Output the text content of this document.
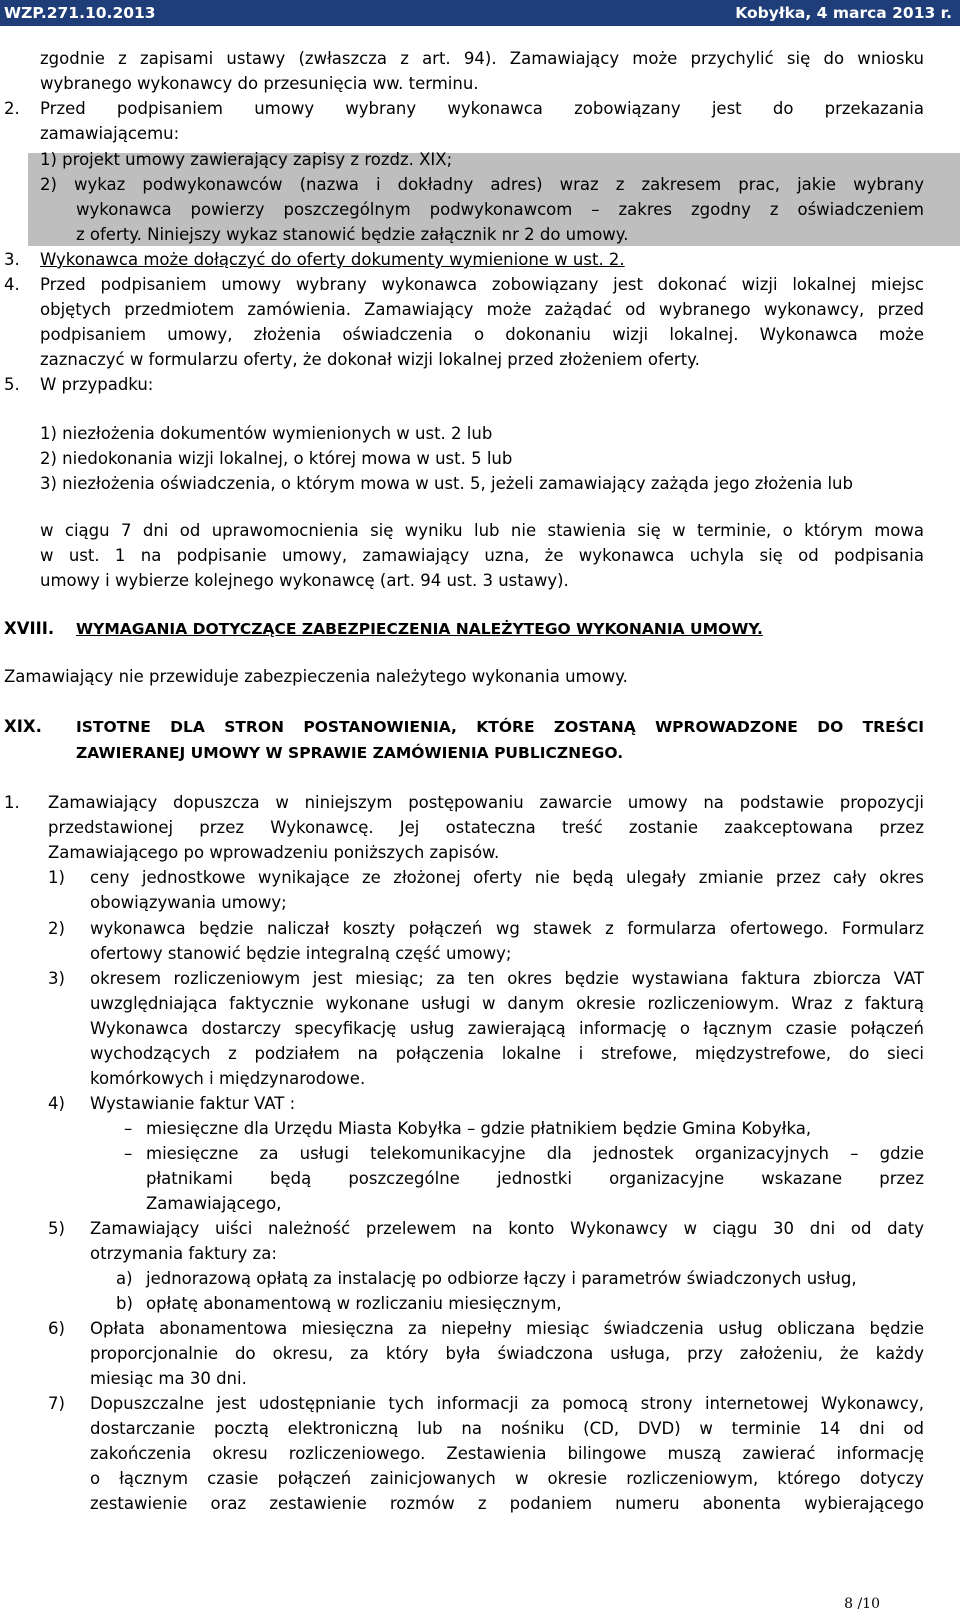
WZP.271.10.2013	Kobyłka, 4 marca 2013 r.
zgodnie z zapisami ustawy (zwłaszcza z art. 94). Zamawiający może przychylić się do wniosku
wybranego wykonawcy do przesunięcia ww. terminu.
2. Przed podpisaniem umowy wybrany wykonawca zobowiązany jest do przekazania
zamawiającemu:
1) projekt umowy zawierający zapisy z rozdz. XIX;
2) wykaz podwykonawców (nazwa i dokładny adres) wraz z zakresem prac, jakie wybrany
wykonawca powierzy poszczególnym podwykonawcom – zakres zgodny z oświadczeniem
z oferty. Niniejszy wykaz stanowić będzie załącznik nr 2 do umowy.
3. Wykonawca może dołączyć do oferty dokumenty wymienione w ust. 2.
4. Przed podpisaniem umowy wybrany wykonawca zobowiązany jest dokonać wizji lokalnej miejsc
objętych przedmiotem zamówienia. Zamawiający może zażądać od wybranego wykonawcy, przed
podpisaniem umowy, złożenia oświadczenia o dokonaniu wizji lokalnej. Wykonawca może
zaznaczyć w formularzu oferty, że dokonał wizji lokalnej przed złożeniem oferty.
5. W przypadku:
1) niezłożenia dokumentów wymienionych w ust. 2 lub
2) niedokonania wizji lokalnej, o której mowa w ust. 5 lub
3) niezłożenia oświadczenia, o którym mowa w ust. 5, jeżeli zamawiający zażąda jego złożenia lub
w ciągu 7 dni od uprawomocnienia się wyniku lub nie stawienia się w terminie, o którym mowa
w ust. 1 na podpisanie umowy, zamawiający uzna, że wykonawca uchyla się od podpisania
umowy i wybierze kolejnego wykonawcę (art. 94 ust. 3 ustawy).
XVIII. WYMAGANIA DOTYCZĄCE ZABEZPIECZENIA NALEŻYTEGO WYKONANIA UMOWY.
Zamawiający nie przewiduje zabezpieczenia należytego wykonania umowy.
XIX. ISTOTNE DLA STRON POSTANOWIENIA, KTÓRE ZOSTANĄ WPROWADZONE DO TREŚCI
ZAWIERANEJ UMOWY W SPRAWIE ZAMÓWIENIA PUBLICZNEGO.
1. Zamawiający dopuszcza w niniejszym postępowaniu zawarcie umowy na podstawie propozycji
przedstawionej przez Wykonawcę. Jej ostateczna treść zostanie zaakceptowana przez
Zamawiającego po wprowadzeniu poniższych zapisów.
1) ceny jednostkowe wynikające ze złożonej oferty nie będą ulegały zmianie przez cały okres
obowiązywania umowy;
2) wykonawca będzie naliczał koszty połączeń wg stawek z formularza ofertowego. Formularz
ofertowy stanowić będzie integralną część umowy;
3) okresem rozliczeniowym jest miesiąc; za ten okres będzie wystawiana faktura zbiorcza VAT
uwzględniająca faktycznie wykonane usługi w danym okresie rozliczeniowym. Wraz z fakturą
Wykonawca dostarczy specyfikację usług zawierającą informację o łącznym czasie połączeń
wychodzących z podziałem na połączenia lokalne i strefowe, międzystrefowe, do sieci
komórkowych i międzynarodowe.
4) Wystawianie faktur VAT :
– miesięczne dla Urzędu Miasta Kobyłka – gdzie płatnikiem będzie Gmina Kobyłka,
– miesięczne za usługi telekomunikacyjne dla jednostek organizacyjnych – gdzie
płatnikami będą poszczególne jednostki organizacyjne wskazane przez
Zamawiającego,
5) Zamawiający uiści należność przelewem na konto Wykonawcy w ciągu 30 dni od daty
otrzymania faktury za:
a) jednorazową opłatą za instalację po odbiorze łączy i parametrów świadczonych usług,
b) opłatę abonamentową w rozliczaniu miesięcznym,
6) Opłata abonamentowa miesięczna za niepełny miesiąc świadczenia usług obliczana będzie
proporcjonalnie do okresu, za który była świadczona usługa, przy założeniu, że każdy
miesiąc ma 30 dni.
7) Dopuszczalne jest udostępnianie tych informacji za pomocą strony internetowej Wykonawcy,
dostarczanie pocztą elektroniczną lub na nośniku (CD, DVD) w terminie 14 dni od
zakończenia okresu rozliczeniowego. Zestawienia bilingowe muszą zawierać informację
o łącznym czasie połączeń zainicjowanych w okresie rozliczeniowym, którego dotyczy
zestawienie oraz zestawienie rozmów z podaniem numeru abonenta wybierającego
8 /10
